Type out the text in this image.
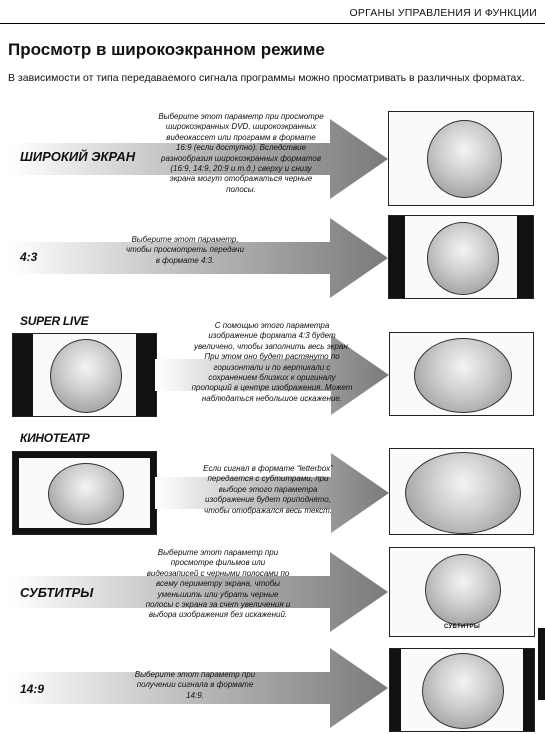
ОРГАНЫ УПРАВЛЕНИЯ И ФУНКЦИИ
Просмотр в широкоэкранном режиме
В зависимости от типа передаваемого сигнала программы можно просматривать в различных форматах.
ШИРОКИЙ ЭКРАН
Выберите этот параметр при просмотре широкоэкранных DVD, широкоэкранных видеокассет или программ в формате 16:9 (если доступно). Вследствие разнообразия широкоэкранных форматов (16:9, 14:9, 20:9 и т.д.) сверху и снизу экрана могут отображаться черные полосы.
4:3
Выберите этот параметр, чтобы просмотреть передачи в формате 4:3.
SUPER LIVE	С помощью этого параметра изображение формата 4:3 будет увеличено, чтобы заполнить весь экран. При этом оно будет растянуто по горизонтали и по вертикали с сохранением близких к оригиналу пропорций в центре изображения. Может наблюдаться небольшое искажение.
КИНОТЕАТР
Если сигнал в формате “letterbox” передается с субтитрами, при выборе этого параметра изображение будет приподнято, чтобы отображался весь текст.
СУБТИТРЫ
Выберите этот параметр при просмотре фильмов или видеозаписей с черными полосами по всему периметру экрана, чтобы уменьшить или убрать черные полосы с экрана за счет увеличения и выбора изображения без искажений.
СУБТИТРЫ
14:9
Выберите этот параметр при получении сигнала в формате 14:9.
